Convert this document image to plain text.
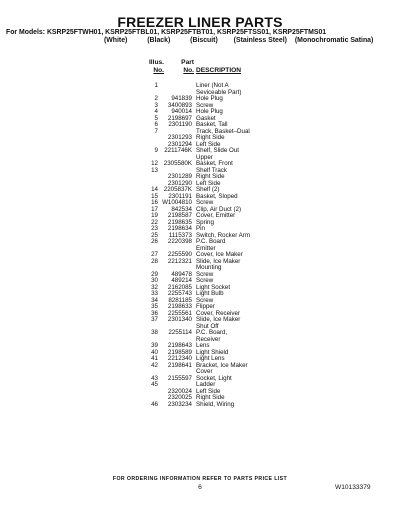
FREEZER LINER PARTS
For Models: KSRP25FTWH01, KSRP25FTBL01, KSRP25FTBT01, KSRP25FTSS01, KSRP25FTMS01
(White)	(Black)	(Biscuit) (Stainless Steel) (Monochromatic Satina)
Illus.
No.
Part
No.
DESCRIPTION
1	Liner (Not A
Seviceable Part)
2	941839 Hole Plug
3	3400893 Screw
4	940014 Hole Plug
5	2198697 Gasket
6	2301190 Basket, Tall
7	Track, Basket–Dual
2301293 Right Side
2301294 Left Side
9	2211746K Shelf, Slide Out
Upper
12 2305580K Basket, Front
13	Shelf Track
2301289 Right Side
2301290 Left Side
14 2205837K Shelf (2)
15	2301191 Basket, Sloped
16 W1004810 Screw
17	842534 Clip, Air Duct (2)
19	2198587 Cover, Emitter
22	2198635 Spring
23	2198634 Pin
25	1115373 Switch, Rocker Arm
26	2220398 P.C. Board
Emitter
27	2255590 Cover, Ice Maker
28	2212321 Slide, Ice Maker
Mounting
29	489478 Screw
30	489214 Screw
32	2162085 Light Socket
33	2255743 Light Bulb
34	8281185 Screw
35	2198633 Flipper
36	2255561 Cover, Receiver
37	2301340 Slide, Ice Maker
Shut Off
38	2255114 P.C. Board,
Receiver
39	2198643 Lens
40	2198589 Light Shield
41	2212340 Light Lens
42	2198641 Bracket, Ice Maker
Cover
43	2155597 Socket, Light
45	Ladder
2320024 Left Side
2320025 Right Side
46	2303234 Shield, Wiring
FOR ORDERING INFORMATION REFER TO PARTS PRICE LIST
6	W10133379
